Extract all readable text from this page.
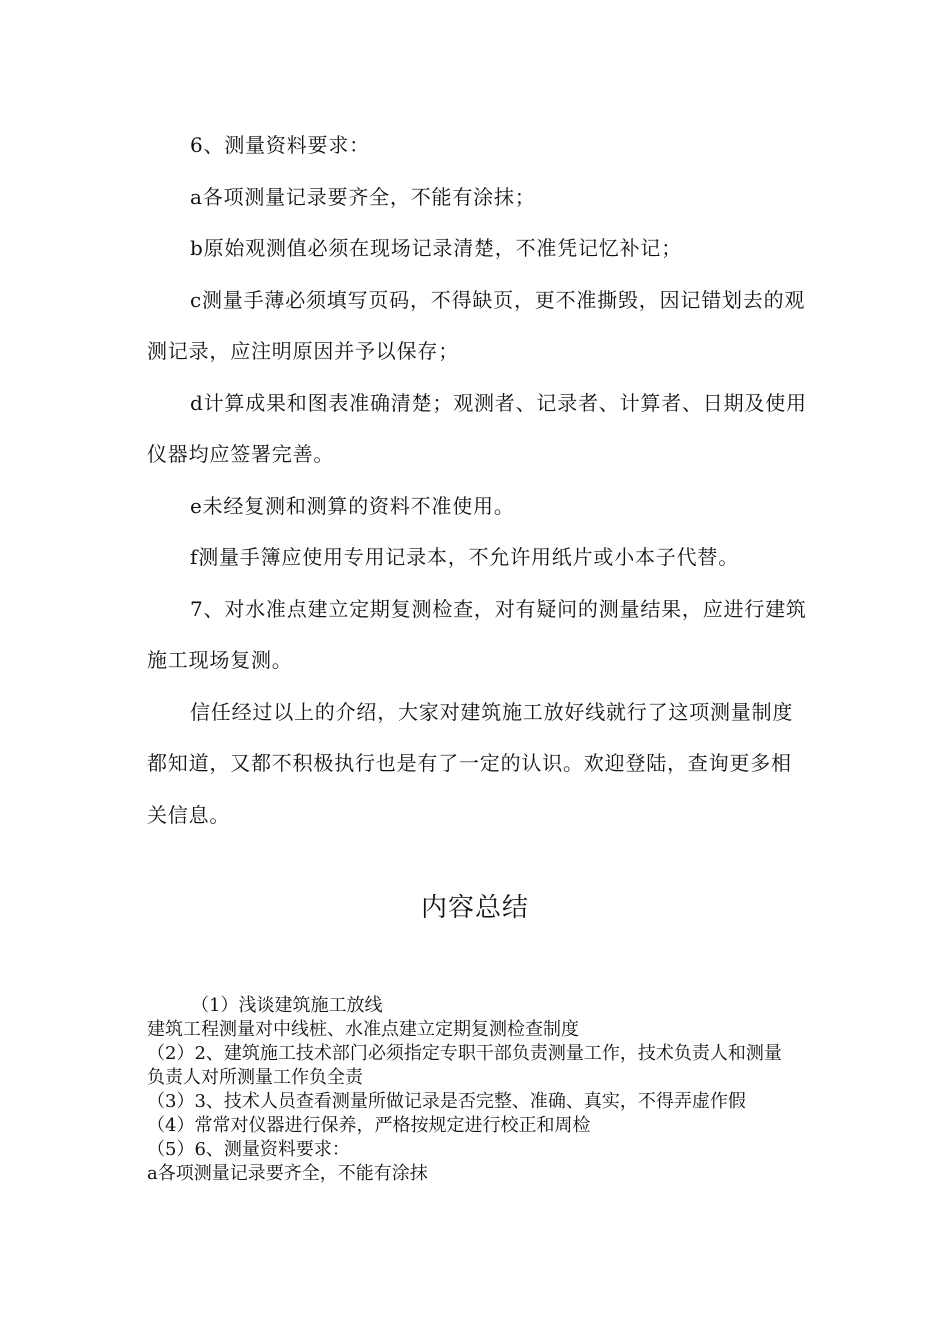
6、测量资料要求：

a各项测量记录要齐全，不能有涂抹；

b原始观测值必须在现场记录清楚，不准凭记忆补记；

c测量手薄必须填写页码，不得缺页，更不准撕毁，因记错划去的观测记录，应注明原因并予以保存；

d计算成果和图表准确清楚；观测者、记录者、计算者、日期及使用仪器均应签署完善。

e未经复测和测算的资料不准使用。

f测量手簿应使用专用记录本，不允许用纸片或小本子代替。

7、对水准点建立定期复测检查，对有疑问的测量结果，应进行建筑施工现场复测。

信任经过以上的介绍，大家对建筑施工放好线就行了这项测量制度都知道，又都不积极执行也是有了一定的认识。欢迎登陆，查询更多相关信息。

内容总结

（1）浅谈建筑施工放线

建筑工程测量对中线桩、水准点建立定期复测检查制度

（2）2、建筑施工技术部门必须指定专职干部负责测量工作，技术负责人和测量负责人对所测量工作负全责

（3）3、技术人员查看测量所做记录是否完整、准确、真实，不得弄虚作假

（4）常常对仪器进行保养，严格按规定进行校正和周检

（5）6、测量资料要求：

a各项测量记录要齐全，不能有涂抹
